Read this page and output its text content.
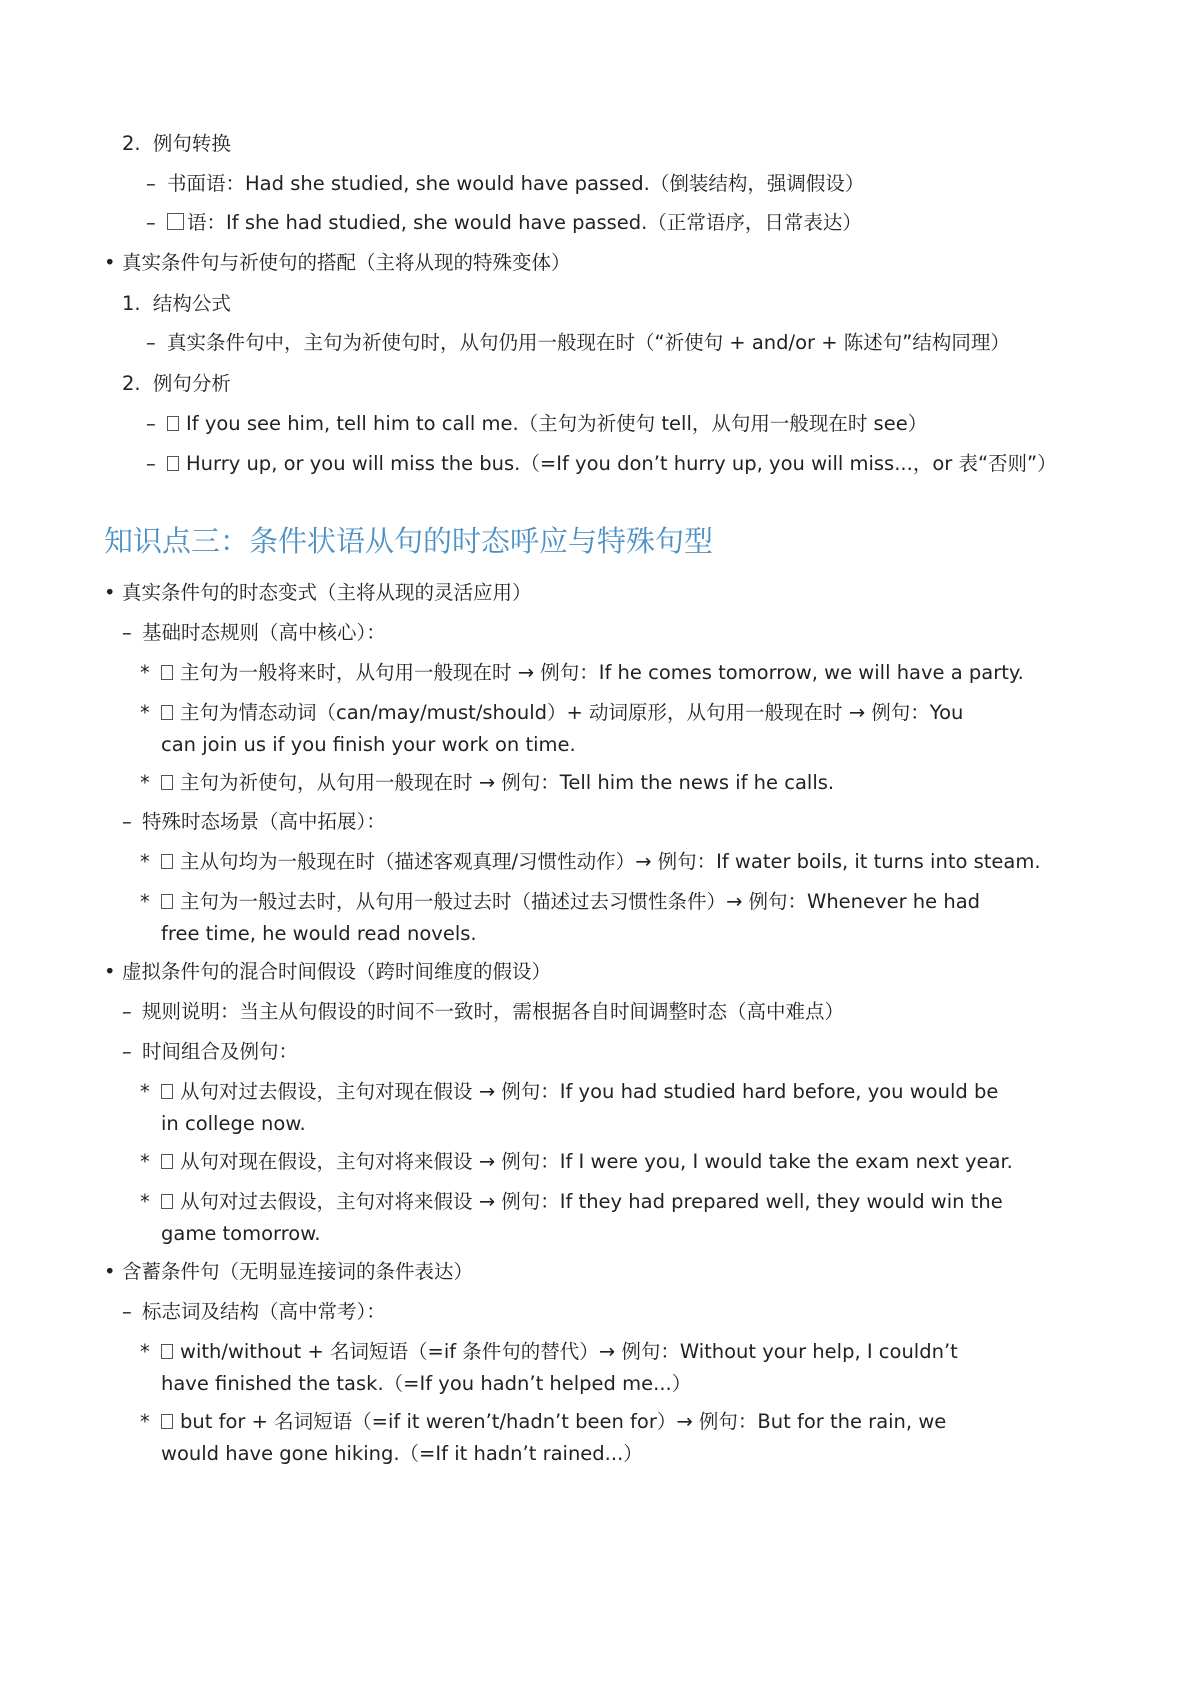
2. 例句转换
– 书面语：Had she studied, she would have passed.（倒装结构，强调假设）
–	语：If she had studied, she would have passed.（正常语序，日常表达）
• 真实条件句与祈使句的搭配（主将从现的特殊变体）
1. 结构公式
– 真实条件句中，主句为祈使句时，从句仍用一般现在时（“祈使句 + and/or + 陈述句”结构同理）
2. 例句分析
–	If you see him, tell him to call me.（主句为祈使句 tell，从句用一般现在时 see）
–	Hurry up, or you will miss the bus.（=If you don’t hurry up, you will miss...，or 表“否则”）
知识点三：条件状语从句的时态呼应与特殊句型
• 真实条件句的时态变式（主将从现的灵活应用）
– 基础时态规则（高中核心）：
*	主句为一般将来时，从句用一般现在时 → 例句：If he comes tomorrow, we will have a party.
*	主句为情态动词（can/may/must/should）+ 动词原形，从句用一般现在时 → 例句：You can join us if you finish your work on time.
*	主句为祈使句，从句用一般现在时 → 例句：Tell him the news if he calls.
– 特殊时态场景（高中拓展）：
*	主从句均为一般现在时（描述客观真理/习惯性动作）→ 例句：If water boils, it turns into steam.
*	主句为一般过去时，从句用一般过去时（描述过去习惯性条件）→ 例句：Whenever he had free time, he would read novels.
• 虚拟条件句的混合时间假设（跨时间维度的假设）
– 规则说明：当主从句假设的时间不一致时，需根据各自时间调整时态（高中难点）
– 时间组合及例句：
*	从句对过去假设，主句对现在假设 → 例句：If you had studied hard before, you would be in college now.
*	从句对现在假设，主句对将来假设 → 例句：If I were you, I would take the exam next year.
*	从句对过去假设，主句对将来假设 → 例句：If they had prepared well, they would win the game tomorrow.
• 含蓄条件句（无明显连接词的条件表达）
– 标志词及结构（高中常考）：
*	with/without + 名词短语（=if 条件句的替代）→ 例句：Without your help, I couldn’t have finished the task.（=If you hadn’t helped me...）
*	but for + 名词短语（=if it weren’t/hadn’t been for）→ 例句：But for the rain, we would have gone hiking.（=If it hadn’t rained...）
